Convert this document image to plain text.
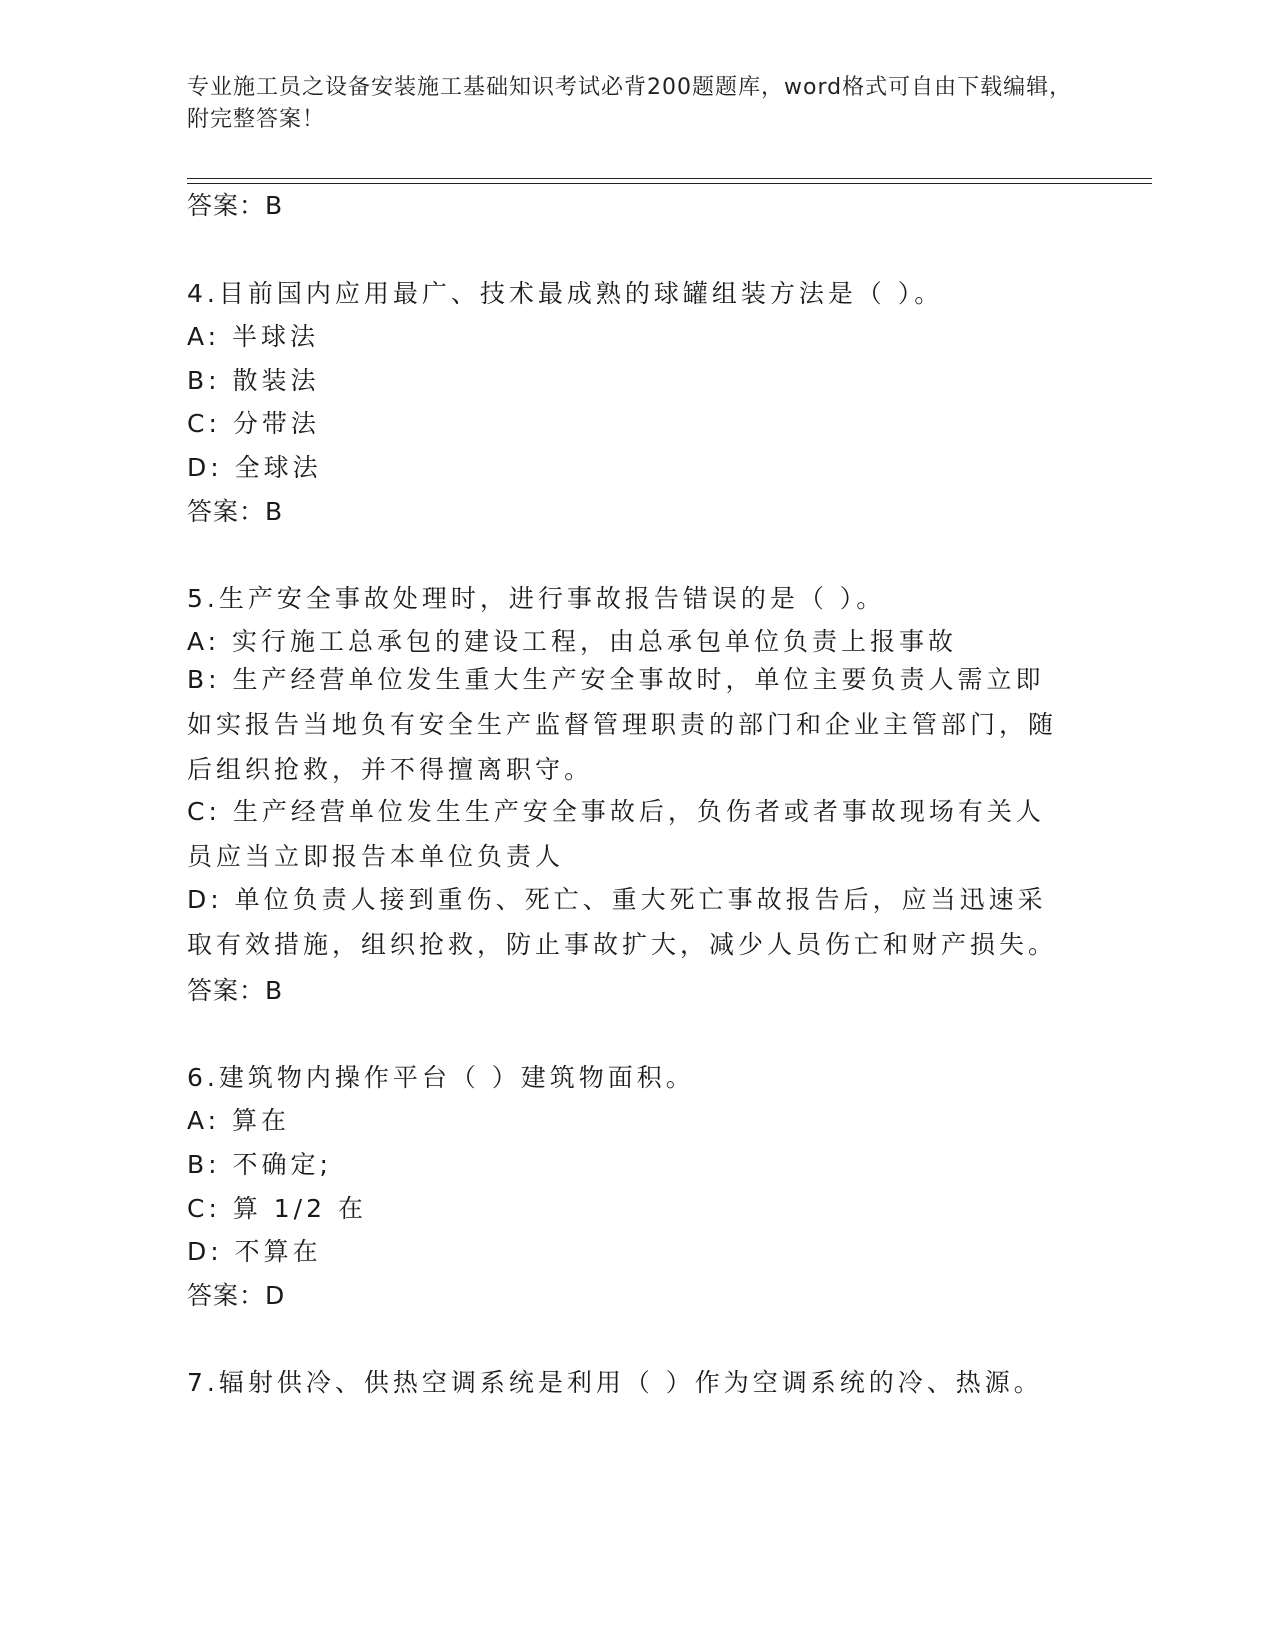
专业施工员之设备安装施工基础知识考试必背200题题库，word格式可自由下载编辑，附完整答案！
答案：B
4.目前国内应用最广、技术最成熟的球罐组装方法是（ ）。
A: 半球法
B: 散装法
C: 分带法
D: 全球法
答案：B
5.生产安全事故处理时，进行事故报告错误的是（ ）。
A: 实行施工总承包的建设工程，由总承包单位负责上报事故
B: 生产经营单位发生重大生产安全事故时，单位主要负责人需立即如实报告当地负有安全生产监督管理职责的部门和企业主管部门，随后组织抢救，并不得擅离职守。
C: 生产经营单位发生生产安全事故后，负伤者或者事故现场有关人员应当立即报告本单位负责人
D: 单位负责人接到重伤、死亡、重大死亡事故报告后，应当迅速采取有效措施，组织抢救，防止事故扩大，减少人员伤亡和财产损失。
答案：B
6.建筑物内操作平台（ ）建筑物面积。
A: 算在
B: 不确定;
C: 算 1/2 在
D: 不算在
答案：D
7.辐射供冷、供热空调系统是利用（ ）作为空调系统的冷、热源。
